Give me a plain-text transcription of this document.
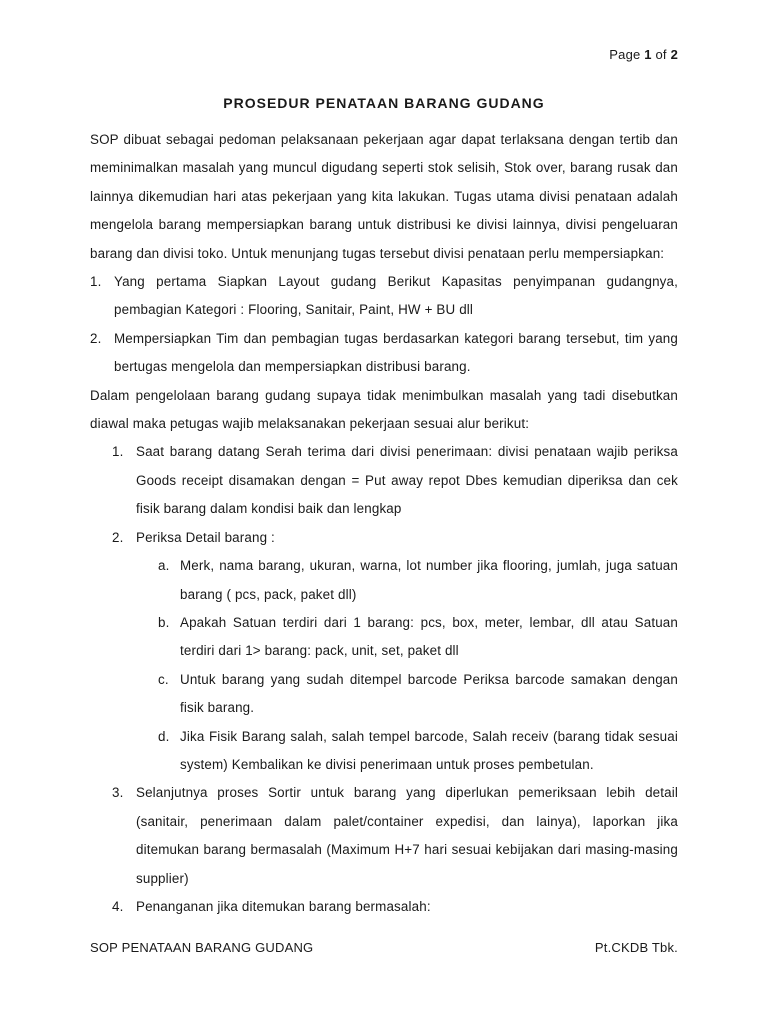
Page 1 of 2
PROSEDUR PENATAAN BARANG GUDANG

SOP dibuat sebagai pedoman pelaksanaan pekerjaan agar dapat terlaksana dengan tertib dan meminimalkan masalah yang muncul digudang seperti stok selisih, Stok over, barang rusak dan lainnya dikemudian hari atas pekerjaan yang kita lakukan. Tugas utama divisi penataan adalah mengelola barang mempersiapkan barang untuk distribusi ke divisi lainnya, divisi pengeluaran barang dan divisi toko. Untuk menunjang tugas tersebut divisi penataan perlu mempersiapkan:

1. Yang pertama Siapkan Layout gudang Berikut Kapasitas penyimpanan gudangnya, pembagian Kategori : Flooring, Sanitair, Paint, HW + BU dll
2. Mempersiapkan Tim dan pembagian tugas berdasarkan kategori barang tersebut, tim yang bertugas mengelola dan mempersiapkan distribusi barang.

Dalam pengelolaan barang gudang supaya tidak menimbulkan masalah yang tadi disebutkan diawal maka petugas wajib melaksanakan pekerjaan sesuai alur berikut:

1. Saat barang datang Serah terima dari divisi penerimaan: divisi penataan wajib periksa Goods receipt disamakan dengan = Put away repot Dbes kemudian diperiksa dan cek fisik barang dalam kondisi baik dan lengkap
2. Periksa Detail barang :
a. Merk, nama barang, ukuran, warna, lot number jika flooring, jumlah, juga satuan barang ( pcs, pack, paket dll)
b. Apakah Satuan terdiri dari 1 barang: pcs, box, meter, lembar, dll atau Satuan terdiri dari 1> barang: pack, unit, set, paket dll
c. Untuk barang yang sudah ditempel barcode Periksa barcode samakan dengan fisik barang.
d. Jika Fisik Barang salah, salah tempel barcode, Salah receiv (barang tidak sesuai system) Kembalikan ke divisi penerimaan untuk proses pembetulan.
3. Selanjutnya proses Sortir untuk barang yang diperlukan pemeriksaan lebih detail (sanitair, penerimaan dalam palet/container expedisi, dan lainya), laporkan jika ditemukan barang bermasalah (Maximum H+7 hari sesuai kebijakan dari masing-masing supplier)
4. Penanganan jika ditemukan barang bermasalah:
SOP PENATAAN BARANG GUDANG	Pt.CKDB Tbk.
